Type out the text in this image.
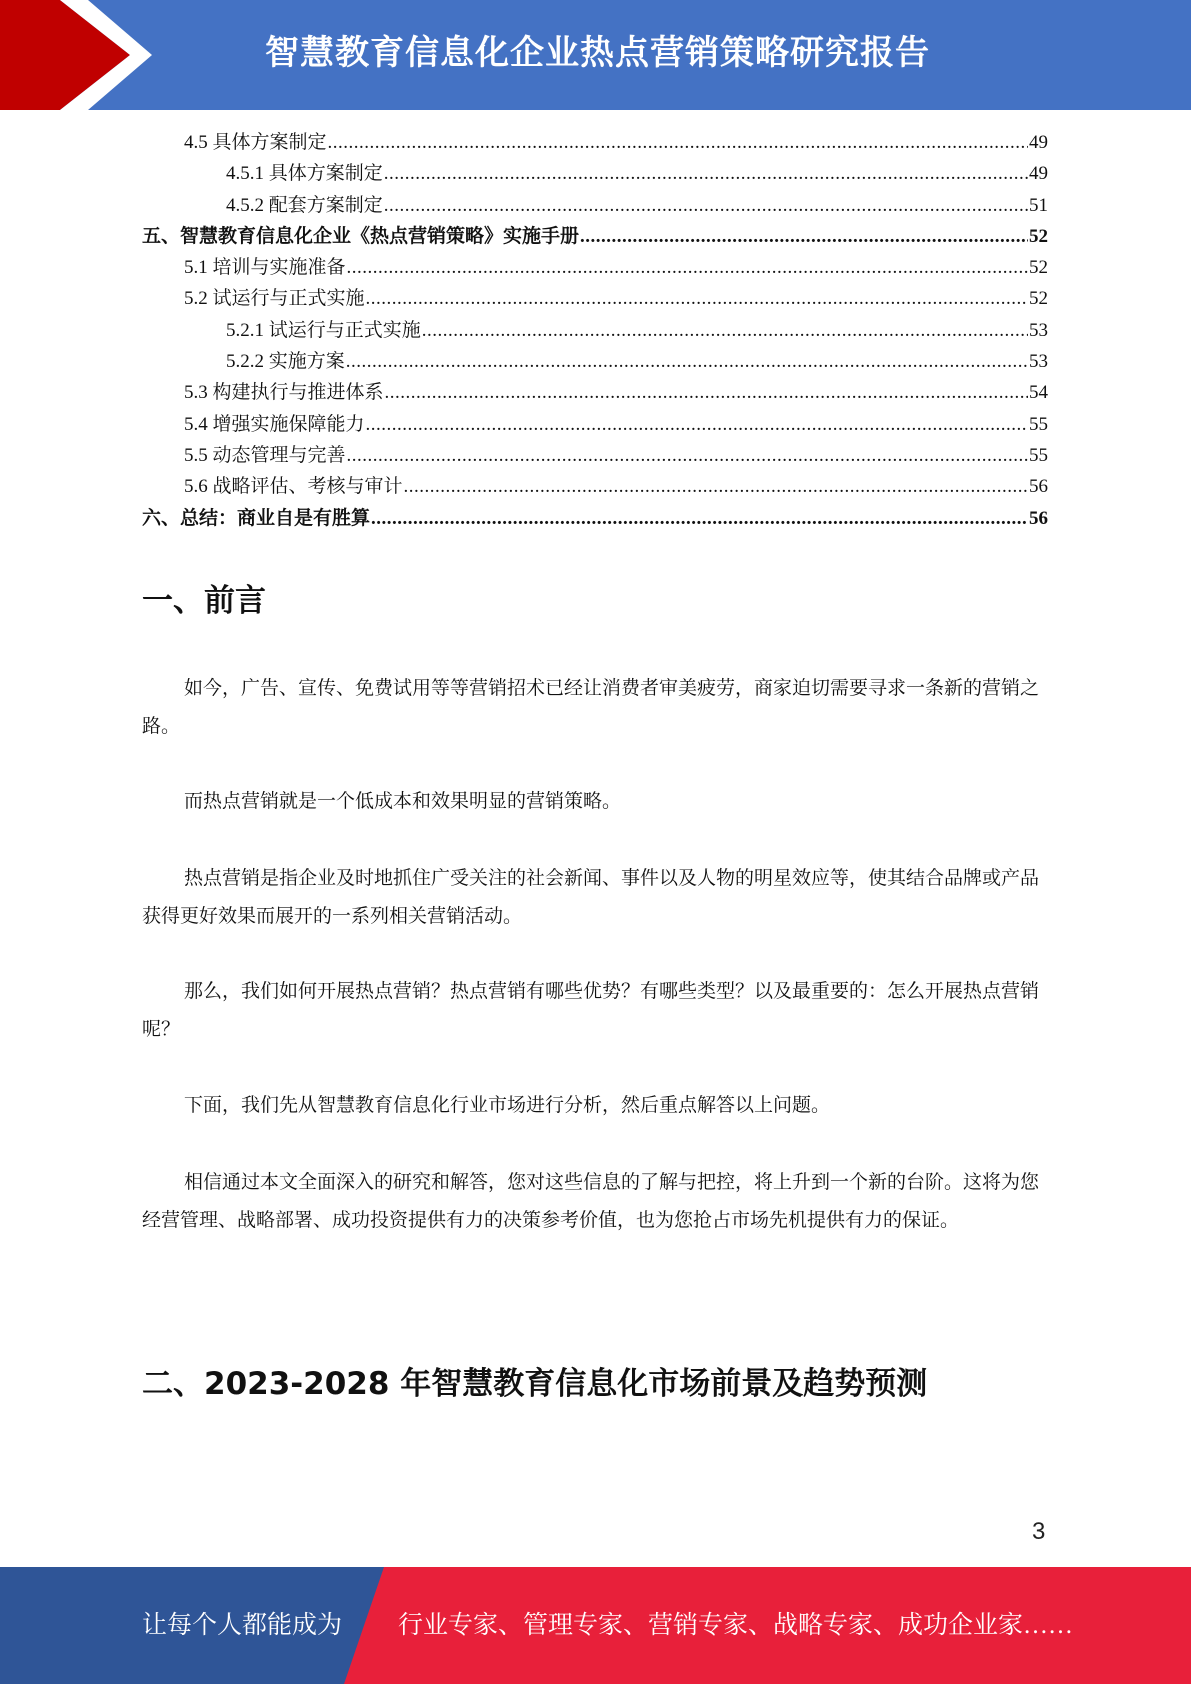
智慧教育信息化企业热点营销策略研究报告
4.5 具体方案制定 .....	49
4.5.1 具体方案制定 .....	49
4.5.2 配套方案制定 .....	51
五、智慧教育信息化企业《热点营销策略》实施手册 .....	52
5.1 培训与实施准备 .....	52
5.2 试运行与正式实施 .....	52
5.2.1 试运行与正式实施 .....	53
5.2.2 实施方案 .....	53
5.3 构建执行与推进体系 .....	54
5.4 增强实施保障能力 .....	55
5.5 动态管理与完善 .....	55
5.6 战略评估、考核与审计 .....	56
六、总结：商业自是有胜算 .....	56
一、前言

如今，广告、宣传、免费试用等等营销招术已经让消费者审美疲劳，商家迫切需要寻求一条新的营销之路。

而热点营销就是一个低成本和效果明显的营销策略。

热点营销是指企业及时地抓住广受关注的社会新闻、事件以及人物的明星效应等，使其结合品牌或产品获得更好效果而展开的一系列相关营销活动。

那么，我们如何开展热点营销？热点营销有哪些优势？有哪些类型？以及最重要的：怎么开展热点营销呢？

下面，我们先从智慧教育信息化行业市场进行分析，然后重点解答以上问题。

相信通过本文全面深入的研究和解答，您对这些信息的了解与把控，将上升到一个新的台阶。这将为您经营管理、战略部署、成功投资提供有力的决策参考价值，也为您抢占市场先机提供有力的保证。

二、2023-2028 年智慧教育信息化市场前景及趋势预测
3
让每个人都能成为 行业专家、管理专家、营销专家、战略专家、成功企业家……
